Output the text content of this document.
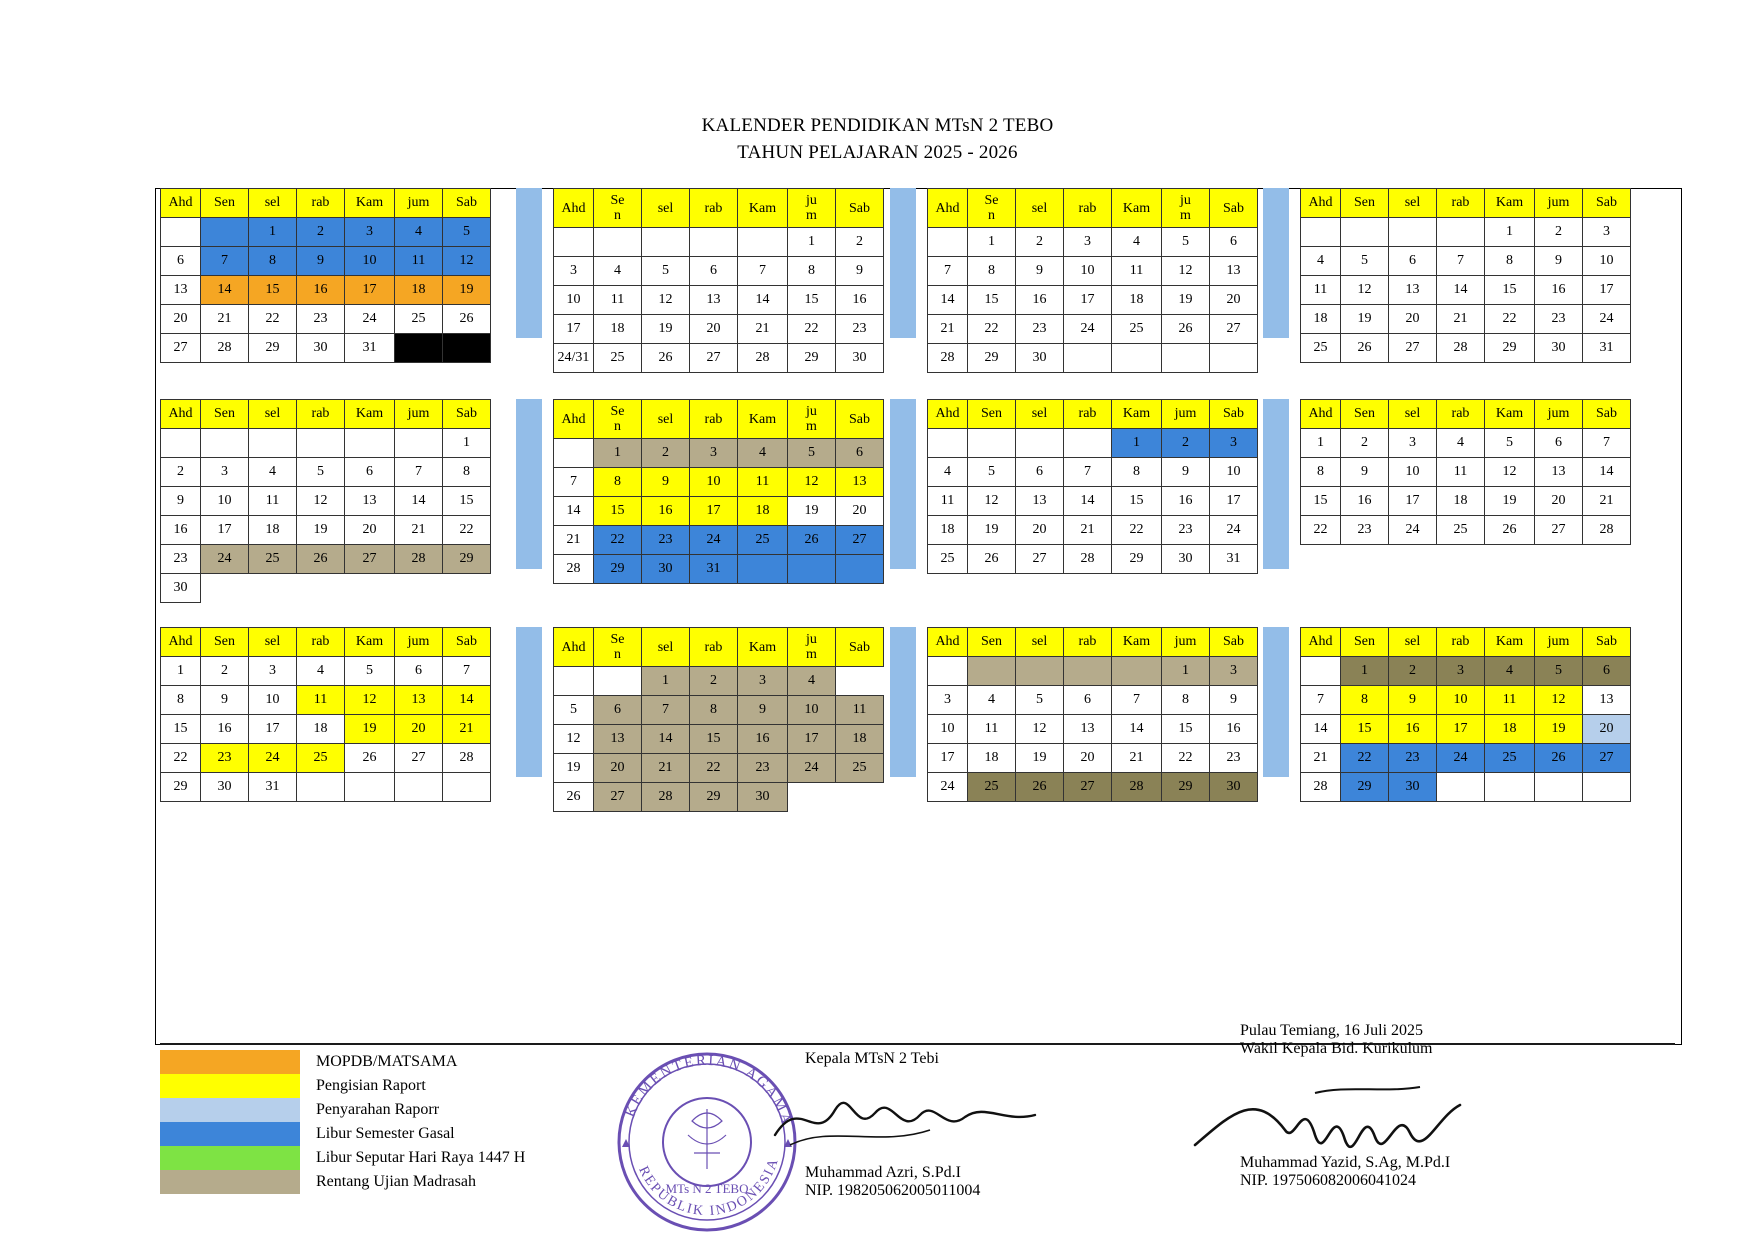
KALENDER PENDIDIKAN MTsN 2 TEBO
TAHUN PELAJARAN 2025 - 2026
Ahd	Sen	sel	rab	Kam	jum	Sab
		1	2	3	4	5
6	7	8	9	10	11	12
13	14	15	16	17	18	19
20	21	22	23	24	25	26
27	28	29	30	31		
Ahd	Se
n	sel	rab	Kam	ju
m	Sab
					1	2
3	4	5	6	7	8	9
10	11	12	13	14	15	16
17	18	19	20	21	22	23
24/31	25	26	27	28	29	30
Ahd	Se
n	sel	rab	Kam	ju
m	Sab
	1	2	3	4	5	6
7	8	9	10	11	12	13
14	15	16	17	18	19	20
21	22	23	24	25	26	27
28	29	30				
Ahd	Sen	sel	rab	Kam	jum	Sab
				1	2	3
4	5	6	7	8	9	10
11	12	13	14	15	16	17
18	19	20	21	22	23	24
25	26	27	28	29	30	31
Ahd	Sen	sel	rab	Kam	jum	Sab
						1
2	3	4	5	6	7	8
9	10	11	12	13	14	15
16	17	18	19	20	21	22
23	24	25	26	27	28	29
30						
Ahd	Se
n	sel	rab	Kam	ju
m	Sab
	1	2	3	4	5	6
7	8	9	10	11	12	13
14	15	16	17	18	19	20
21	22	23	24	25	26	27
28	29	30	31			
Ahd	Sen	sel	rab	Kam	jum	Sab
				1	2	3
4	5	6	7	8	9	10
11	12	13	14	15	16	17
18	19	20	21	22	23	24
25	26	27	28	29	30	31
Ahd	Sen	sel	rab	Kam	jum	Sab
1	2	3	4	5	6	7
8	9	10	11	12	13	14
15	16	17	18	19	20	21
22	23	24	25	26	27	28

Ahd	Sen	sel	rab	Kam	jum	Sab
1	2	3	4	5	6	7
8	9	10	11	12	13	14
15	16	17	18	19	20	21
22	23	24	25	26	27	28
29	30	31				
Ahd	Se
n	sel	rab	Kam	ju
m	Sab
		1	2	3	4	
5	6	7	8	9	10	11
12	13	14	15	16	17	18
19	20	21	22	23	24	25
26	27	28	29	30		
Ahd	Sen	sel	rab	Kam	jum	Sab
					1	3
3	4	5	6	7	8	9
10	11	12	13	14	15	16
17	18	19	20	21	22	23
24	25	26	27	28	29	30
Ahd	Sen	sel	rab	Kam	jum	Sab
	1	2	3	4	5	6
7	8	9	10	11	12	13
14	15	16	17	18	19	20
21	22	23	24	25	26	27
28	29	30				
MOPDB/MATSAMA
Pengisian Raport
Penyarahan Raporr
Libur Semester Gasal
Libur Seputar Hari Raya 1447 H
Rentang Ujian Madrasah
KEMENTERIAN AGAMA
REPUBLIK INDONESIA
MTs N 2 TEBO
Kepala MTsN 2 Tebi
Muhammad Azri, S.Pd.I
NIP. 198205062005011004
Pulau Temiang, 16 Juli 2025
Wakil Kepala Bid. Kurikulum
Muhammad Yazid, S.Ag, M.Pd.I
NIP. 197506082006041024
